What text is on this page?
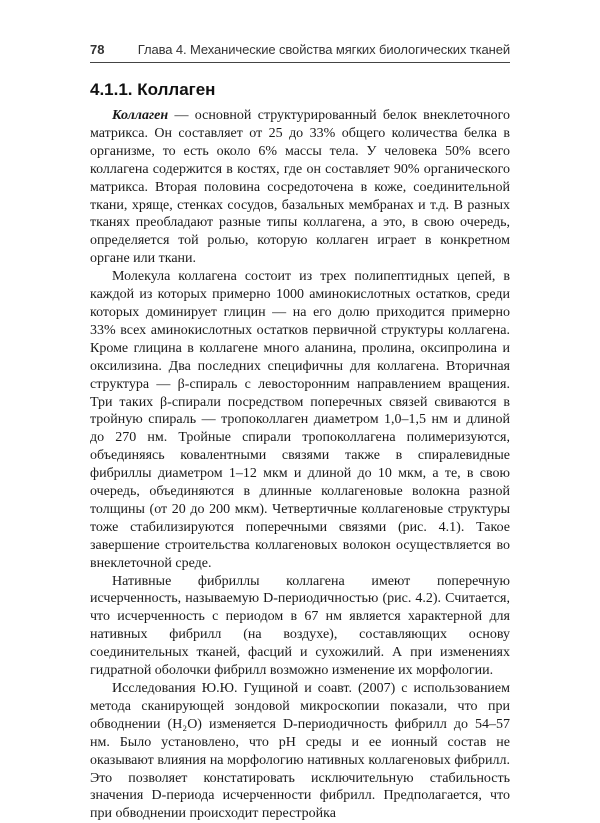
78	Глава 4. Механические свойства мягких биологических тканей
4.1.1. Коллаген

Коллаген — основной структурированный белок внеклеточного матрикса. Он составляет от 25 до 33% общего количества белка в организме, то есть около 6% массы тела. У человека 50% всего коллагена содержится в костях, где он составляет 90% органического матрикса. Вторая половина сосредоточена в коже, соединительной ткани, хряще, стенках сосудов, базальных мембранах и т.д. В разных тканях преобладают разные типы коллагена, а это, в свою очередь, определяется той ролью, которую коллаген играет в конкретном органе или ткани.

Молекула коллагена состоит из трех полипептидных цепей, в каждой из которых примерно 1000 аминокислотных остатков, среди которых доминирует глицин — на его долю приходится примерно 33% всех аминокислотных остатков первичной структуры коллагена. Кроме глицина в коллагене много аланина, пролина, оксипролина и оксилизина. Два последних специфичны для коллагена. Вторичная структура — β-спираль с левосторонним направлением вращения. Три таких β-спирали посредством поперечных связей свиваются в тройную спираль — тропоколлаген диаметром 1,0–1,5 нм и длиной до 270 нм. Тройные спирали тропоколлагена полимеризуются, объединяясь ковалентными связями также в спиралевидные фибриллы диаметром 1–12 мкм и длиной до 10 мкм, а те, в свою очередь, объединяются в длинные коллагеновые волокна разной толщины (от 20 до 200 мкм). Четвертичные коллагеновые структуры тоже стабилизируются поперечными связями (рис. 4.1). Такое завершение строительства коллагеновых волокон осуществляется во внеклеточной среде.

Нативные фибриллы коллагена имеют поперечную исчерченность, называемую D-периодичностью (рис. 4.2). Считается, что исчерченность с периодом в 67 нм является характерной для нативных фибрилл (на воздухе), составляющих основу соединительных тканей, фасций и сухожилий. А при изменениях гидратной оболочки фибрилл возможно изменение их морфологии.

Исследования Ю.Ю. Гущиной и соавт. (2007) с использованием метода сканирующей зондовой микроскопии показали, что при обводнении (H₂O) изменяется D-периодичность фибрилл до 54–57 нм. Было установлено, что pH среды и ее ионный состав не оказывают влияния на морфологию нативных коллагеновых фибрилл. Это позволяет констатировать исключительную стабильность значения D-периода исчерченности фибрилл. Предполагается, что при обводнении происходит перестройка
